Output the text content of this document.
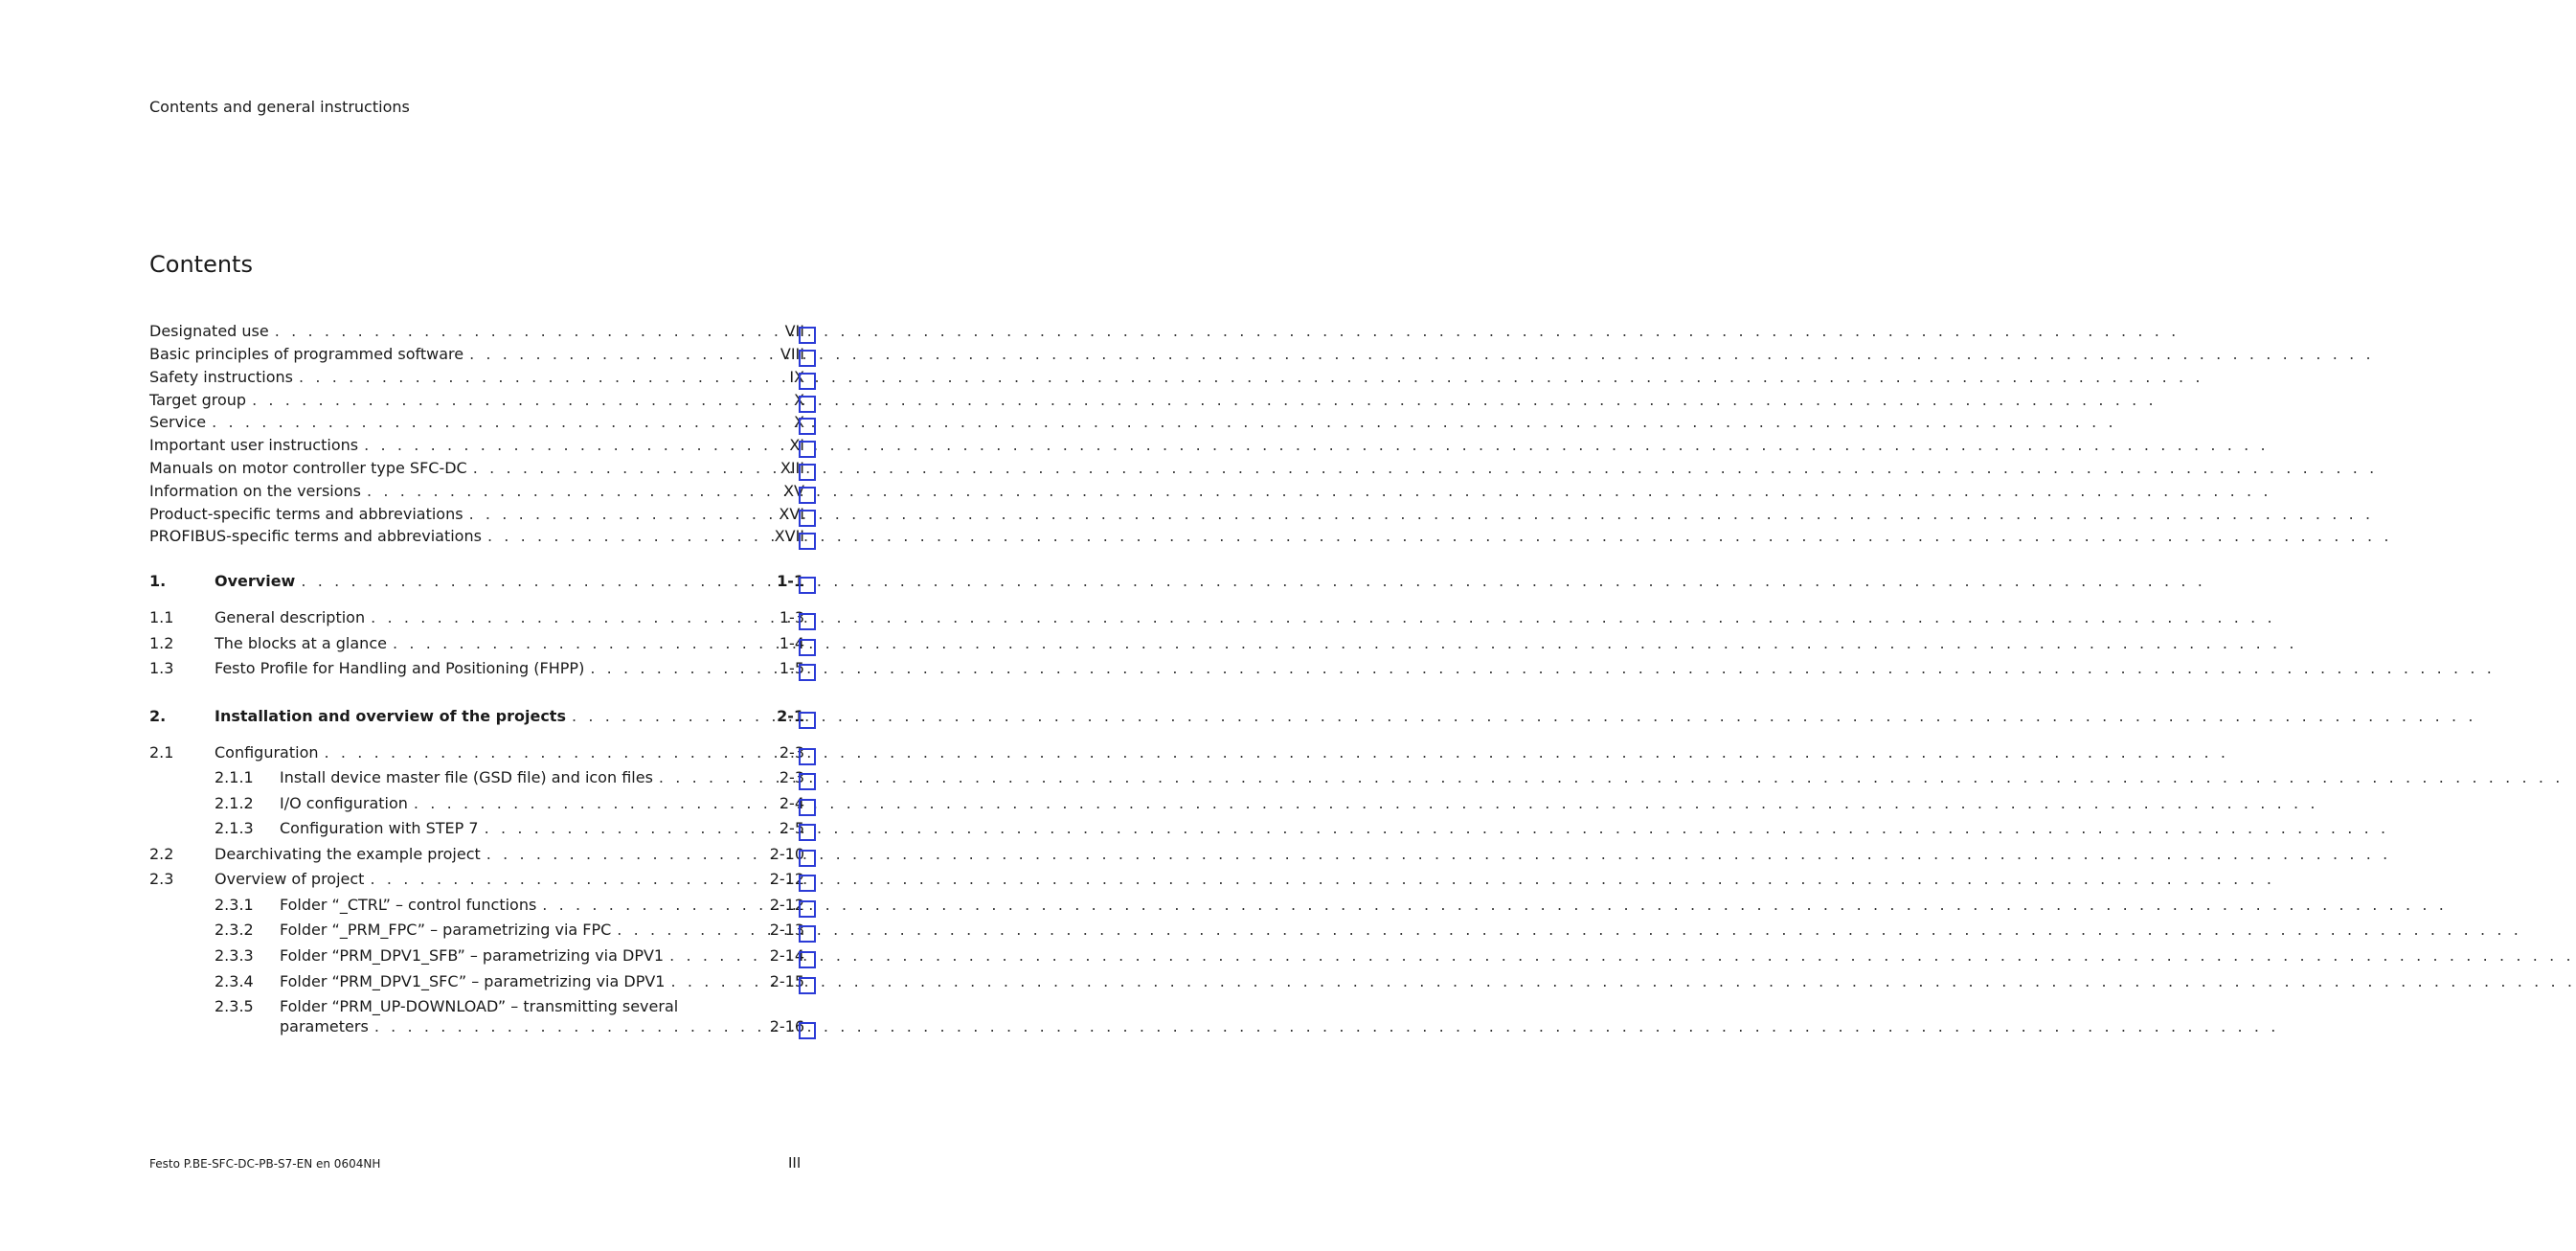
Contents and general instructions
Contents
Designated use . . .	VII
Basic principles of programmed software . . .	VIII
Safety instructions . . .	IX
Target group . . .	X
Service . . .	X
Important user instructions . . .	XI
Manuals on motor controller type SFC-DC . . .	XIII
Information on the versions . . .	XV
Product-specific terms and abbreviations . . .	XVI
PROFIBUS-specific terms and abbreviations . . .	XVII
1.	Overview . . .	1-1
1.1	General description . . .	1-3
1.2	The blocks at a glance . . .	1-4
1.3	Festo Profile for Handling and Positioning (FHPP) . . .	1-5
2.	Installation and overview of the projects . . .	2-1
2.1	Configuration . . .	2-3
2.1.1	Install device master file (GSD file) and icon files . . .	2-3
2.1.2	I/O configuration . . .	2-4
2.1.3	Configuration with STEP 7 . . .	2-5
2.2	Dearchivating the example project . . .	2-10
2.3	Overview of project . . .	2-12
2.3.1	Folder “_CTRL” – control functions . . .	2-12
2.3.2	Folder “_PRM_FPC” – parametrizing via FPC . . .	2-13
2.3.3	Folder “PRM_DPV1_SFB” – parametrizing via DPV1 . . .	2-14
2.3.4	Folder “PRM_DPV1_SFC” – parametrizing via DPV1 . . .	2-15
2.3.5	Folder “PRM_UP-DOWNLOAD” – transmitting several
parameters . . .	2-16
Festo P.BE-SFC-DC-PB-S7-EN en 0604NH	III
